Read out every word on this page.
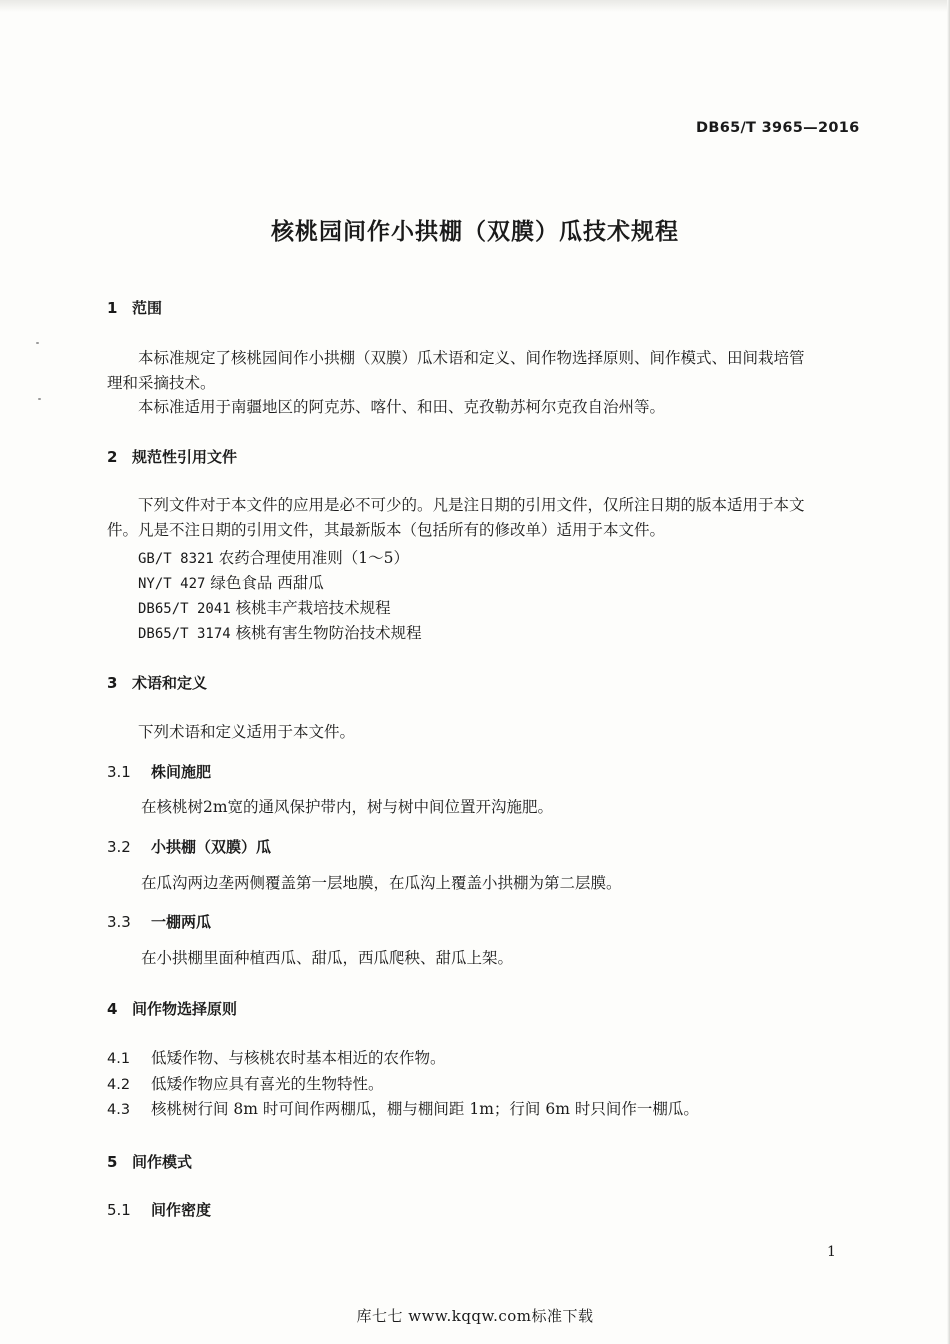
DB65/T 3965—2016
核桃园间作小拱棚（双膜）瓜技术规程
1 范围
本标准规定了核桃园间作小拱棚（双膜）瓜术语和定义、间作物选择原则、间作模式、田间栽培管
理和采摘技术。
本标准适用于南疆地区的阿克苏、喀什、和田、克孜勒苏柯尔克孜自治州等。
2 规范性引用文件
下列文件对于本文件的应用是必不可少的。凡是注日期的引用文件，仅所注日期的版本适用于本文
件。凡是不注日期的引用文件，其最新版本（包括所有的修改单）适用于本文件。
GB/T 8321 农药合理使用准则（1～5）
NY/T 427 绿色食品 西甜瓜
DB65/T 2041 核桃丰产栽培技术规程
DB65/T 3174 核桃有害生物防治技术规程
3 术语和定义
下列术语和定义适用于本文件。
3.1 株间施肥
在核桃树2m宽的通风保护带内，树与树中间位置开沟施肥。
3.2 小拱棚（双膜）瓜
在瓜沟两边垄两侧覆盖第一层地膜，在瓜沟上覆盖小拱棚为第二层膜。
3.3 一棚两瓜
在小拱棚里面种植西瓜、甜瓜，西瓜爬秧、甜瓜上架。
4 间作物选择原则
4.1 低矮作物、与核桃农时基本相近的农作物。
4.2 低矮作物应具有喜光的生物特性。
4.3 核桃树行间 8m 时可间作两棚瓜，棚与棚间距 1m；行间 6m 时只间作一棚瓜。
5 间作模式
5.1 间作密度
1
库七七 www.kqqw.com标准下载
